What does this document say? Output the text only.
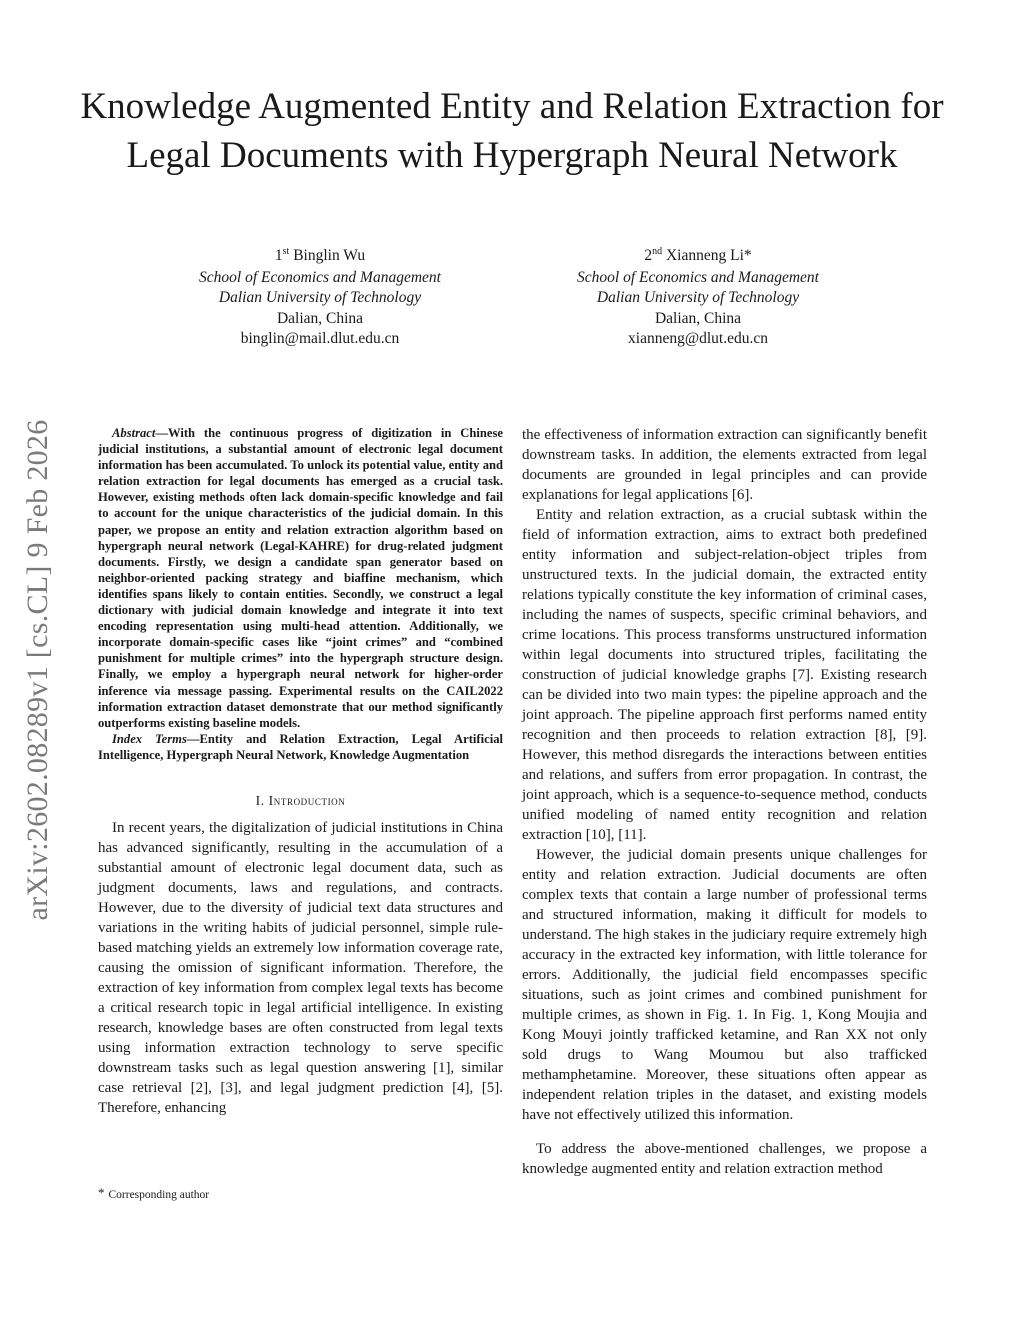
arXiv:2602.08289v1 [cs.CL] 9 Feb 2026
Knowledge Augmented Entity and Relation Extraction for Legal Documents with Hypergraph Neural Network
1st Binglin Wu
School of Economics and Management
Dalian University of Technology
Dalian, China
binglin@mail.dlut.edu.cn
2nd Xianneng Li*
School of Economics and Management
Dalian University of Technology
Dalian, China
xianneng@dlut.edu.cn

Abstract—With the continuous progress of digitization in Chinese judicial institutions, a substantial amount of electronic legal document information has been accumulated. To unlock its potential value, entity and relation extraction for legal documents has emerged as a crucial task. However, existing methods often lack domain-specific knowledge and fail to account for the unique characteristics of the judicial domain. In this paper, we propose an entity and relation extraction algorithm based on hypergraph neural network (Legal-KAHRE) for drug-related judgment documents. Firstly, we design a candidate span generator based on neighbor-oriented packing strategy and biaffine mechanism, which identifies spans likely to contain entities. Secondly, we construct a legal dictionary with judicial domain knowledge and integrate it into text encoding representation using multi-head attention. Additionally, we incorporate domain-specific cases like “joint crimes” and “combined punishment for multiple crimes” into the hypergraph structure design. Finally, we employ a hypergraph neural network for higher-order inference via message passing. Experimental results on the CAIL2022 information extraction dataset demonstrate that our method significantly outperforms existing baseline models.

Index Terms—Entity and Relation Extraction, Legal Artificial Intelligence, Hypergraph Neural Network, Knowledge Augmentation

I. Introduction

In recent years, the digitalization of judicial institutions in China has advanced significantly, resulting in the accumulation of a substantial amount of electronic legal document data, such as judgment documents, laws and regulations, and contracts. However, due to the diversity of judicial text data structures and variations in the writing habits of judicial personnel, simple rule-based matching yields an extremely low information coverage rate, causing the omission of significant information. Therefore, the extraction of key information from complex legal texts has become a critical research topic in legal artificial intelligence. In existing research, knowledge bases are often constructed from legal texts using information extraction technology to serve specific downstream tasks such as legal question answering [1], similar case retrieval [2], [3], and legal judgment prediction [4], [5]. Therefore, enhancing

the effectiveness of information extraction can significantly benefit downstream tasks. In addition, the elements extracted from legal documents are grounded in legal principles and can provide explanations for legal applications [6].

Entity and relation extraction, as a crucial subtask within the field of information extraction, aims to extract both predefined entity information and subject-relation-object triples from unstructured texts. In the judicial domain, the extracted entity relations typically constitute the key information of criminal cases, including the names of suspects, specific criminal behaviors, and crime locations. This process transforms unstructured information within legal documents into structured triples, facilitating the construction of judicial knowledge graphs [7]. Existing research can be divided into two main types: the pipeline approach and the joint approach. The pipeline approach first performs named entity recognition and then proceeds to relation extraction [8], [9]. However, this method disregards the interactions between entities and relations, and suffers from error propagation. In contrast, the joint approach, which is a sequence-to-sequence method, conducts unified modeling of named entity recognition and relation extraction [10], [11].

However, the judicial domain presents unique challenges for entity and relation extraction. Judicial documents are often complex texts that contain a large number of professional terms and structured information, making it difficult for models to understand. The high stakes in the judiciary require extremely high accuracy in the extracted key information, with little tolerance for errors. Additionally, the judicial field encompasses specific situations, such as joint crimes and combined punishment for multiple crimes, as shown in Fig. 1. In Fig. 1, Kong Moujia and Kong Mouyi jointly trafficked ketamine, and Ran XX not only sold drugs to Wang Moumou but also trafficked methamphetamine. Moreover, these situations often appear as independent relation triples in the dataset, and existing models have not effectively utilized this information.

To address the above-mentioned challenges, we propose a knowledge augmented entity and relation extraction method

* Corresponding author
